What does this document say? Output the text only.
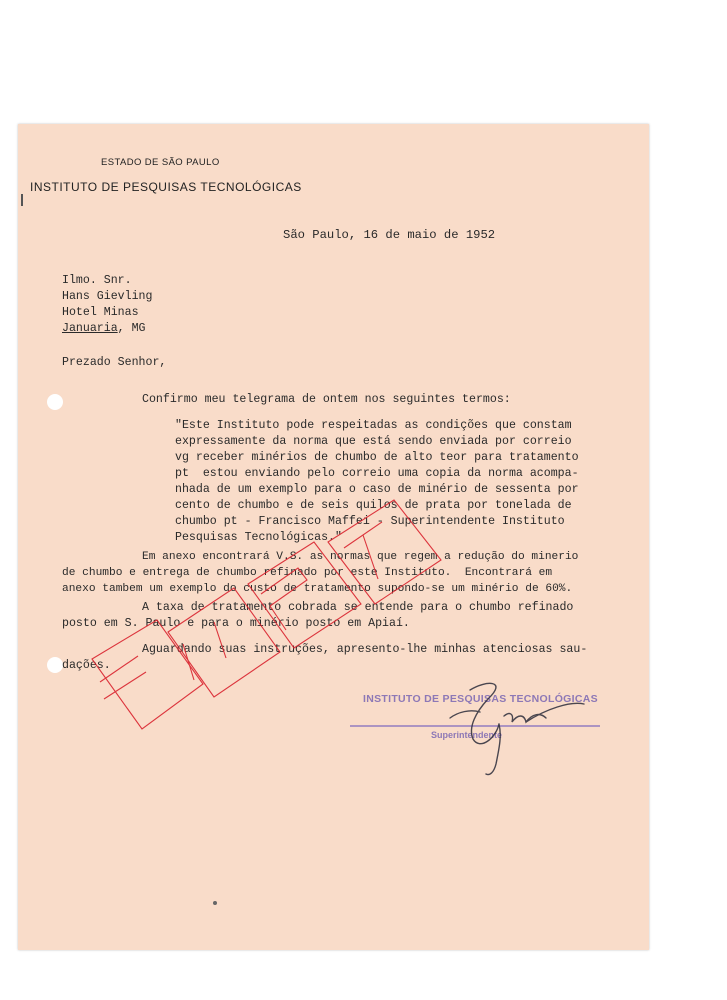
ESTADO DE SÃO PAULO
INSTITUTO DE PESQUISAS TECNOLÓGICAS
São Paulo, 16 de maio de 1952
Ilmo. Snr.
Hans Gievling
Hotel Minas
Januaria, MG
Prezado Senhor,
Confirmo meu telegrama de ontem nos seguintes termos:
"Este Instituto pode respeitadas as condições que constam
expressamente da norma que está sendo enviada por correio
vg receber minérios de chumbo de alto teor para tratamento
pt  estou enviando pelo correio uma copia da norma acompa-
nhada de um exemplo para o caso de minério de sessenta por
cento de chumbo e de seis quilos de prata por tonelada de
chumbo pt - Francisco Maffei - Superintendente Instituto
Pesquisas Tecnológicas."
Em anexo encontrará V.S. as normas que regem a redução do minerio
de chumbo e entrega de chumbo refinado por este Instituto.  Encontrará em
anexo tambem um exemplo do custo de tratamento supondo-se um minério de 60%.
A taxa de tratamento cobrada se entende para o chumbo refinado
posto em S. Paulo e para o minério posto em Apiaí.
Aguardando suas instruções, apresento-lhe minhas atenciosas sau-
dações.
INSTITUTO DE PESQUISAS TECNOLÓGICAS
Superintendente
